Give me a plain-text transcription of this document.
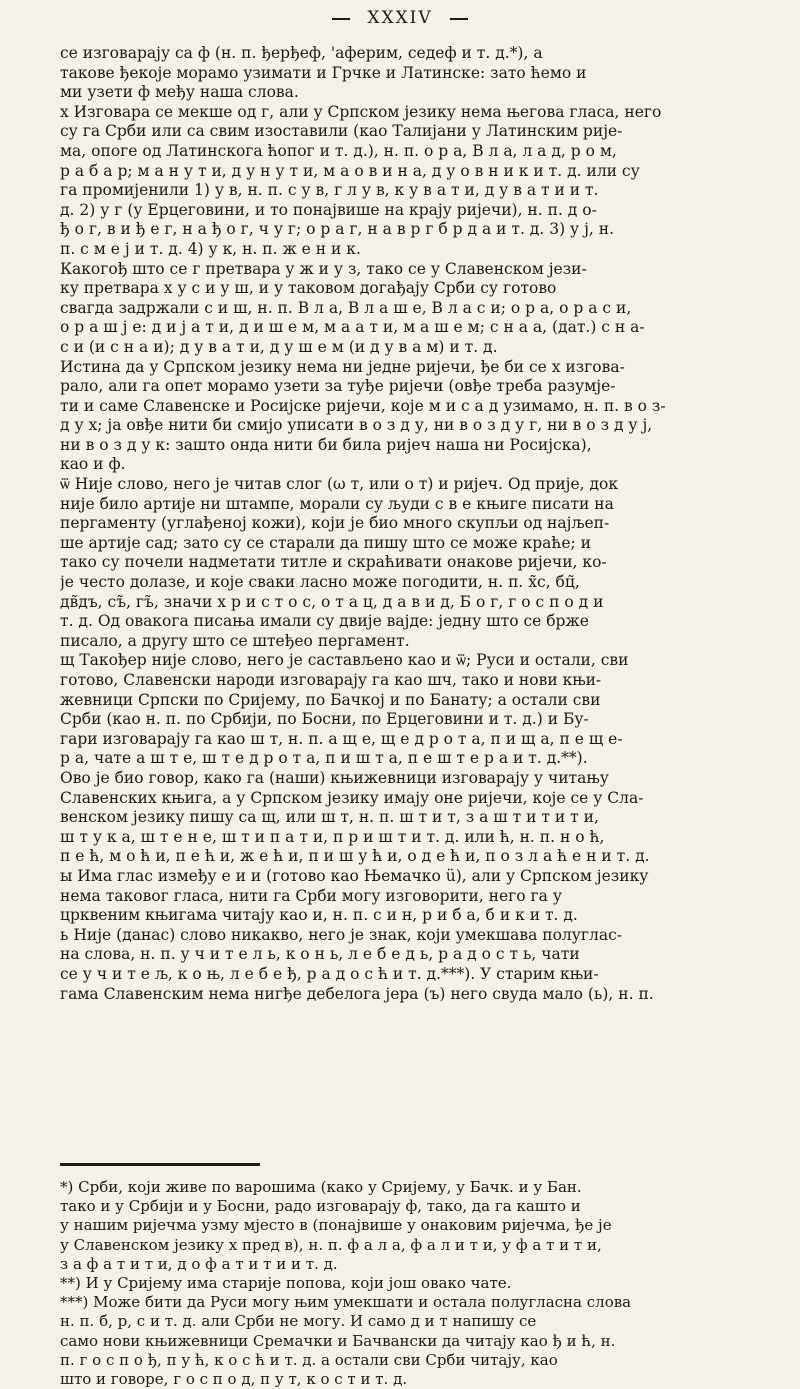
XXXIV
се изговарају са ф (н. п. ђерђеф, 'аферим, седеф и т. д.*), а
такове ђекоје морамо узимати и Грчке и Латинске: зато ћемо и
ми узети ф међу наша слова.
х Изговара се мекше од г, али у Српском језику нема његова гласа, него
су га Срби или са свим изоставили (као Талијани у Латинским рије-
ма, опоге од Латинскога ћопог и т. д.), н. п. о р а, В л а, л а д, р о м,
р а б а р; м а н у т и, д у н у т и, м а о в и н а, д у о в н и к и т. д. или су
га промијенили 1) у в, н. п. с у в, г л у в, к у в а т и, д у в а т и и т.
д. 2) у г (у Ерцеговини, и то понајвише на крају ријечи), н. п. д о-
ђ о г, в и ђ е г, н а ђ о г, ч у г; о р а г, н а в р г б р д а и т. д. 3) у ј, н.
п. с м е ј и т. д. 4) у к, н. п. ж е н и к.
Какогођ што се г претвара у ж и у з, тако се у Славенском јези-
ку претвара х у с и у ш, и у таковом догађају Срби су готово
свагда задржали с и ш, н. п. В л а, В л а ш е, В л а с и; о р а, о р а с и,
о р а ш ј е: д и ј а т и, д и ш е м, м а а т и, м а ш е м; с н а а, (дат.) с н а-
с и (и с н а и); д у в а т и, д у ш е м (и д у в а м) и т. д.
Истина да у Српском језику нема ни једне ријечи, ђе би се х изгова-
рало, али га опет морамо узети за туђе ријечи (овђе треба разумје-
ти и саме Славенске и Росијске ријечи, које м и с а д узимамо, н. п. в о з-
д у х; ја овђе нити би смијо уписати в о з д у, ни в о з д у г, ни в о з д у ј,
ни в о з д у к: зашто онда нити би била ријеч наша ни Росијска),
као и ф.
ѿ Није слово, него је читав слог (ω т, или о т) и ријеч. Од прије, док
није било артије ни штампе, морали су људи с в е књиге писати на
пергаменту (углађеној кожи), који је био много скупљи од најљеп-
ше артије сад; зато су се старали да пишу што се може краће; и
тако су почели надметати титле и скраћивати онакове ријечи, ко-
је често долазе, и које сваки ласно може погодити, н. п. х̃с, бц̃,
дв̃дъ, съ̃, гъ̃, значи х р и с т о с, о т а ц, д а в и д, Б о г, г о с п о д и
т. д. Од овакога писања имали су двије вајде: једну што се брже
писало, а другу што се штеђео пергамент.
щ Такођер није слово, него је састављено као и ѿ; Руси и остали, сви
готово, Славенски народи изговарају га као шч, тако и нови књи-
жевници Српски по Сријему, по Бачкој и по Банату; а остали сви
Срби (као н. п. по Србији, по Босни, по Ерцеговини и т. д.) и Бу-
гари изговарају га као ш т, н. п. а щ е, щ е д р о т а, п и щ а, п е щ е-
р а, чате а ш т е, ш т е д р о т а, п и ш т а, п е ш т е р а и т. д.**).
Ово је био говор, како га (наши) књижевници изговарају у читању
Славенских књига, а у Српском језику имају оне ријечи, које се у Сла-
венском језику пишу са щ, или ш т, н. п. ш т и т, з а ш т и т и т и,
ш т у к а, ш т е н е, ш т и п а т и, п р и ш т и т. д. или ћ, н. п. н о ћ,
п е ћ, м о ћ и, п е ћ и, ж е ћ и, п и ш у ћ и, о д е ћ и, п о з л а ћ е н и т. д.
ы Има глас између е и и (готово као Њемачко ü), али у Српском језику
нема таковог гласа, нити га Срби могу изговорити, него га у
црквеним књигама читају као и, н. п. с и н, р и б а, б и к и т. д.
ь Није (данас) слово никакво, него је знак, који умекшава полуглас-
на слова, н. п. у ч и т е л ь, к о н ь, л е б е д ь, р а д о с т ь, чати
се у ч и т е љ, к о њ, л е б е ђ, р а д о с ћ и т. д.***). У старим књи-
гама Славенским нема нигђе дебелога јера (ъ) него свуда мало (ь), н. п.
*) Срби, који живе по варошима (како у Сријему, у Бачк. и у Бан.
тако и у Србији и у Босни, радо изговарају ф, тако, да га кашто и
у нашим ријечма узму мјесто в (понајвише у онаковим ријечма, ђе је
у Славенском језику х пред в), н. п. ф а л а, ф а л и т и, у ф а т и т и,
з а ф а т и т и, д о ф а т и т и и т. д.
**) И у Сријему има старије попова, који још овако чате.
***) Може бити да Руси могу њим умекшати и остала полугласна слова
н. п. б, р, с и т. д. али Срби не могу. И само д и т напишу се
само нови књижевници Сремачки и Бачвански да читају као ђ и ћ, н.
п. г о с п о ђ, п у ћ, к о с ћ и т. д. а остали сви Срби читају, као
што и говоре, г о с п о д, п у т, к о с т и т. д.
